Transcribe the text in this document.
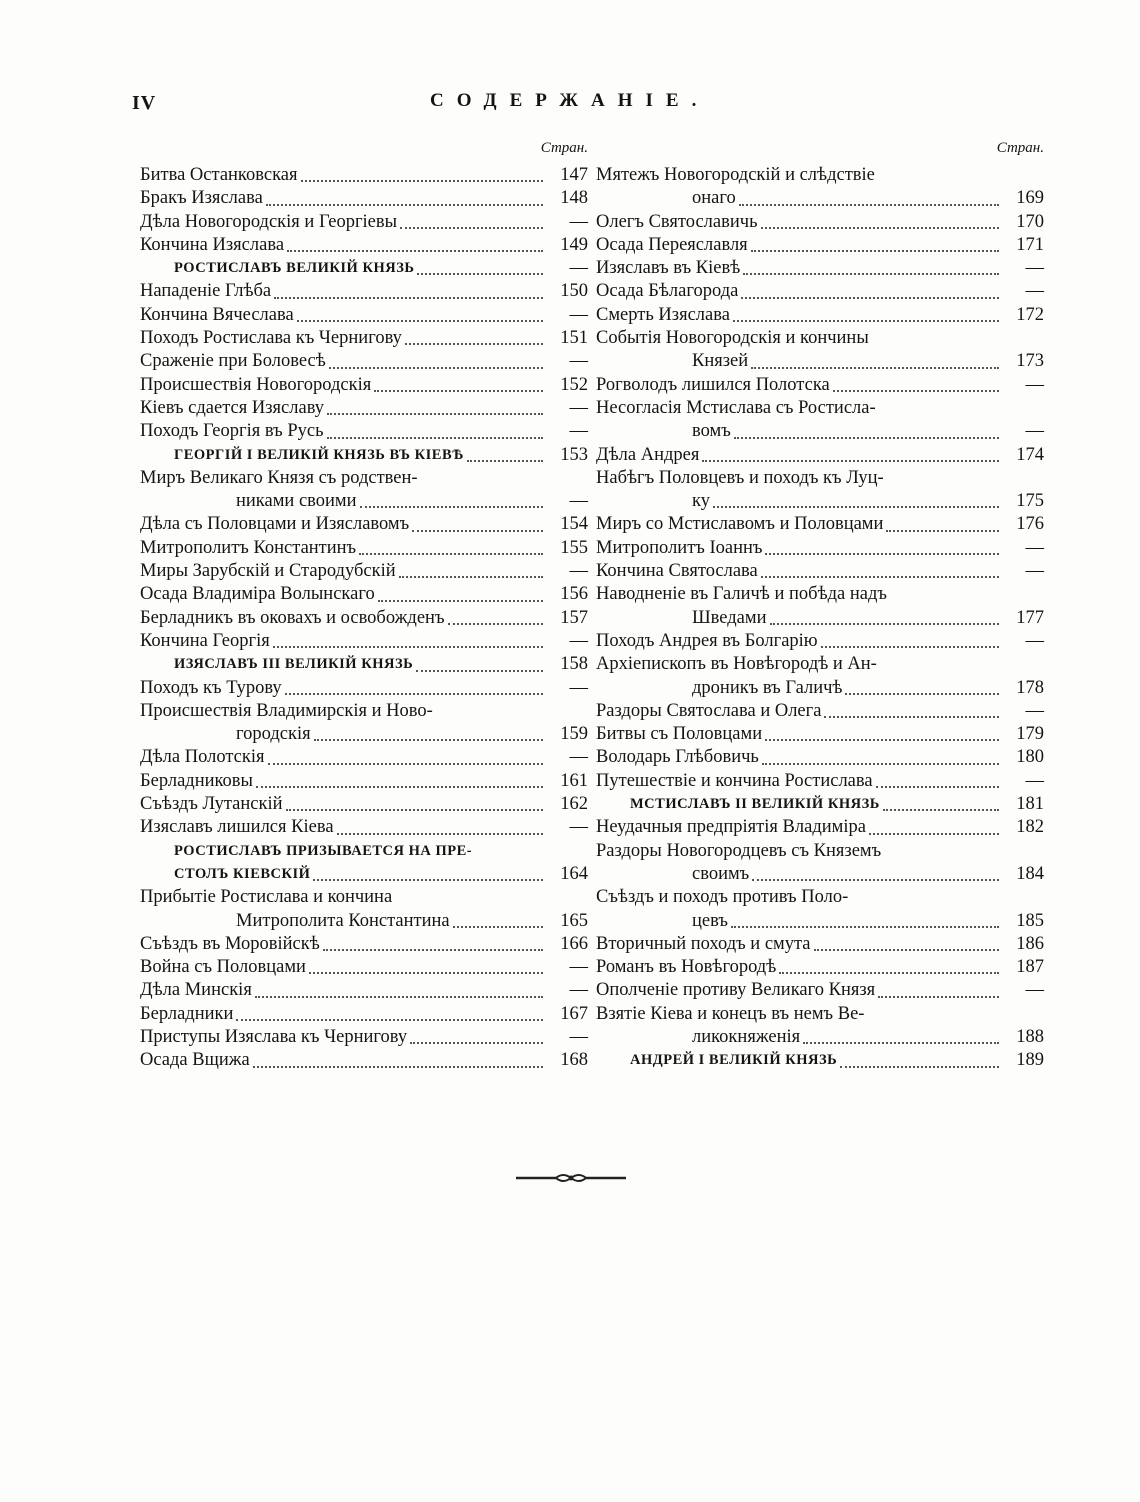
IV	СОДЕРЖАНІЕ.
Стран.
Битва Останковская	147
Бракъ Изяслава	148
Дѣла Новогородскія и Георгіевы	—
Кончина Изяслава	149
РОСТИСЛАВЪ ВЕЛИКІЙ КНЯЗЬ	—
Нападеніе Глѣба	150
Кончина Вячеслава	—
Походъ Ростислава къ Чернигову	151
Сраженіе при Боловесѣ	—
Происшествія Новогородскія	152
Кіевъ сдается Изяславу	—
Походъ Георгія въ Русь	—
ГЕОРГІЙ I ВЕЛИКІЙ КНЯЗЬ ВЪ КІЕВѢ	153
Миръ Великаго Князя съ родствен-
никами своими	—
Дѣла съ Половцами и Изяславомъ	154
Митрополитъ Константинъ	155
Миры Зарубскій и Стародубскій	—
Осада Владиміра Волынскаго	156
Берладникъ въ оковахъ и освобожденъ	157
Кончина Георгія	—
ИЗЯСЛАВЪ III ВЕЛИКІЙ КНЯЗЬ	158
Походъ къ Турову	—
Происшествія Владимирскія и Ново-
городскія	159
Дѣла Полотскія	—
Берладниковы	161
Съѣздъ Лутанскій	162
Изяславъ лишился Кіева	—
РОСТИСЛАВЪ ПРИЗЫВАЕТСЯ НА ПРЕ-
СТОЛЪ КІЕВСКІЙ	164
Прибытіе Ростислава и кончина
Митрополита Константина	165
Съѣздъ въ Моровійскѣ	166
Война съ Половцами	—
Дѣла Минскія	—
Берладники	167
Приступы Изяслава къ Чернигову	—
Осада Вщижа	168
Стран.
Мятежъ Новогородскій и слѣдствіе
онаго	169
Олегъ Святославичь	170
Осада Переяславля	171
Изяславъ въ Кіевѣ	—
Осада Бѣлагорода	—
Смерть Изяслава	172
Событія Новогородскія и кончины
Князей	173
Рогволодъ лишился Полотска	—
Несогласія Мстислава съ Ростисла-
вомъ	—
Дѣла Андрея	174
Набѣгъ Половцевъ и походъ къ Луц-
ку	175
Миръ со Мстиславомъ и Половцами	176
Митрополитъ Іоаннъ	—
Кончина Святослава	—
Наводненіе въ Галичѣ и побѣда надъ
Шведами	177
Походъ Андрея въ Болгарію	—
Архіепископъ въ Новѣгородѣ и Ан-
дроникъ въ Галичѣ	178
Раздоры Святослава и Олега	—
Битвы съ Половцами	179
Володарь Глѣбовичь	180
Путешествіе и кончина Ростислава	—
МСТИСЛАВЪ II ВЕЛИКІЙ КНЯЗЬ	181
Неудачныя предпріятія Владиміра	182
Раздоры Новогородцевъ съ Княземъ
своимъ	184
Съѣздъ и походъ противъ Поло-
цевъ	185
Вторичный походъ и смута	186
Романъ въ Новѣгородѣ	187
Ополченіе противу Великаго Князя	—
Взятіе Кіева и конецъ въ немъ Ве-
ликокняженія	188
АНДРЕЙ I ВЕЛИКІЙ КНЯЗЬ	189
